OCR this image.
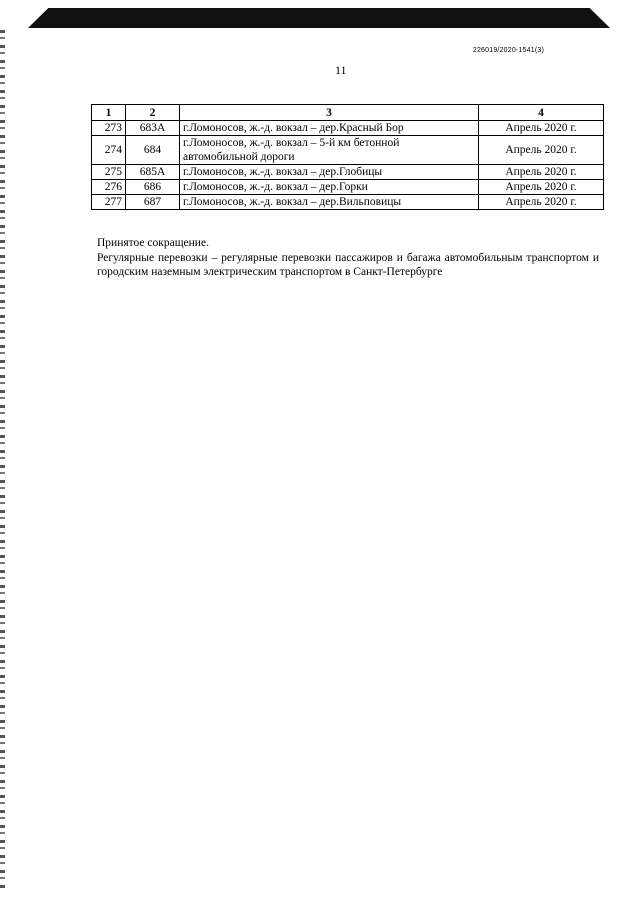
226019/2020-1541(3)
11
1	2	3	4
273	683А	г.Ломоносов, ж.-д. вокзал – дер.Красный Бор	Апрель 2020 г.
274	684	г.Ломоносов, ж.-д. вокзал – 5-й км бетонной автомобильной дороги	Апрель 2020 г.
275	685А	г.Ломоносов, ж.-д. вокзал – дер.Глобицы	Апрель 2020 г.
276	686	г.Ломоносов, ж.-д. вокзал – дер.Горки	Апрель 2020 г.
277	687	г.Ломоносов, ж.-д. вокзал – дер.Вильповицы	Апрель 2020 г.

Принятое сокращение.

Регулярные перевозки – регулярные перевозки пассажиров и багажа автомобильным транспортом и городским наземным электрическим транспортом в Санкт-Петербурге
